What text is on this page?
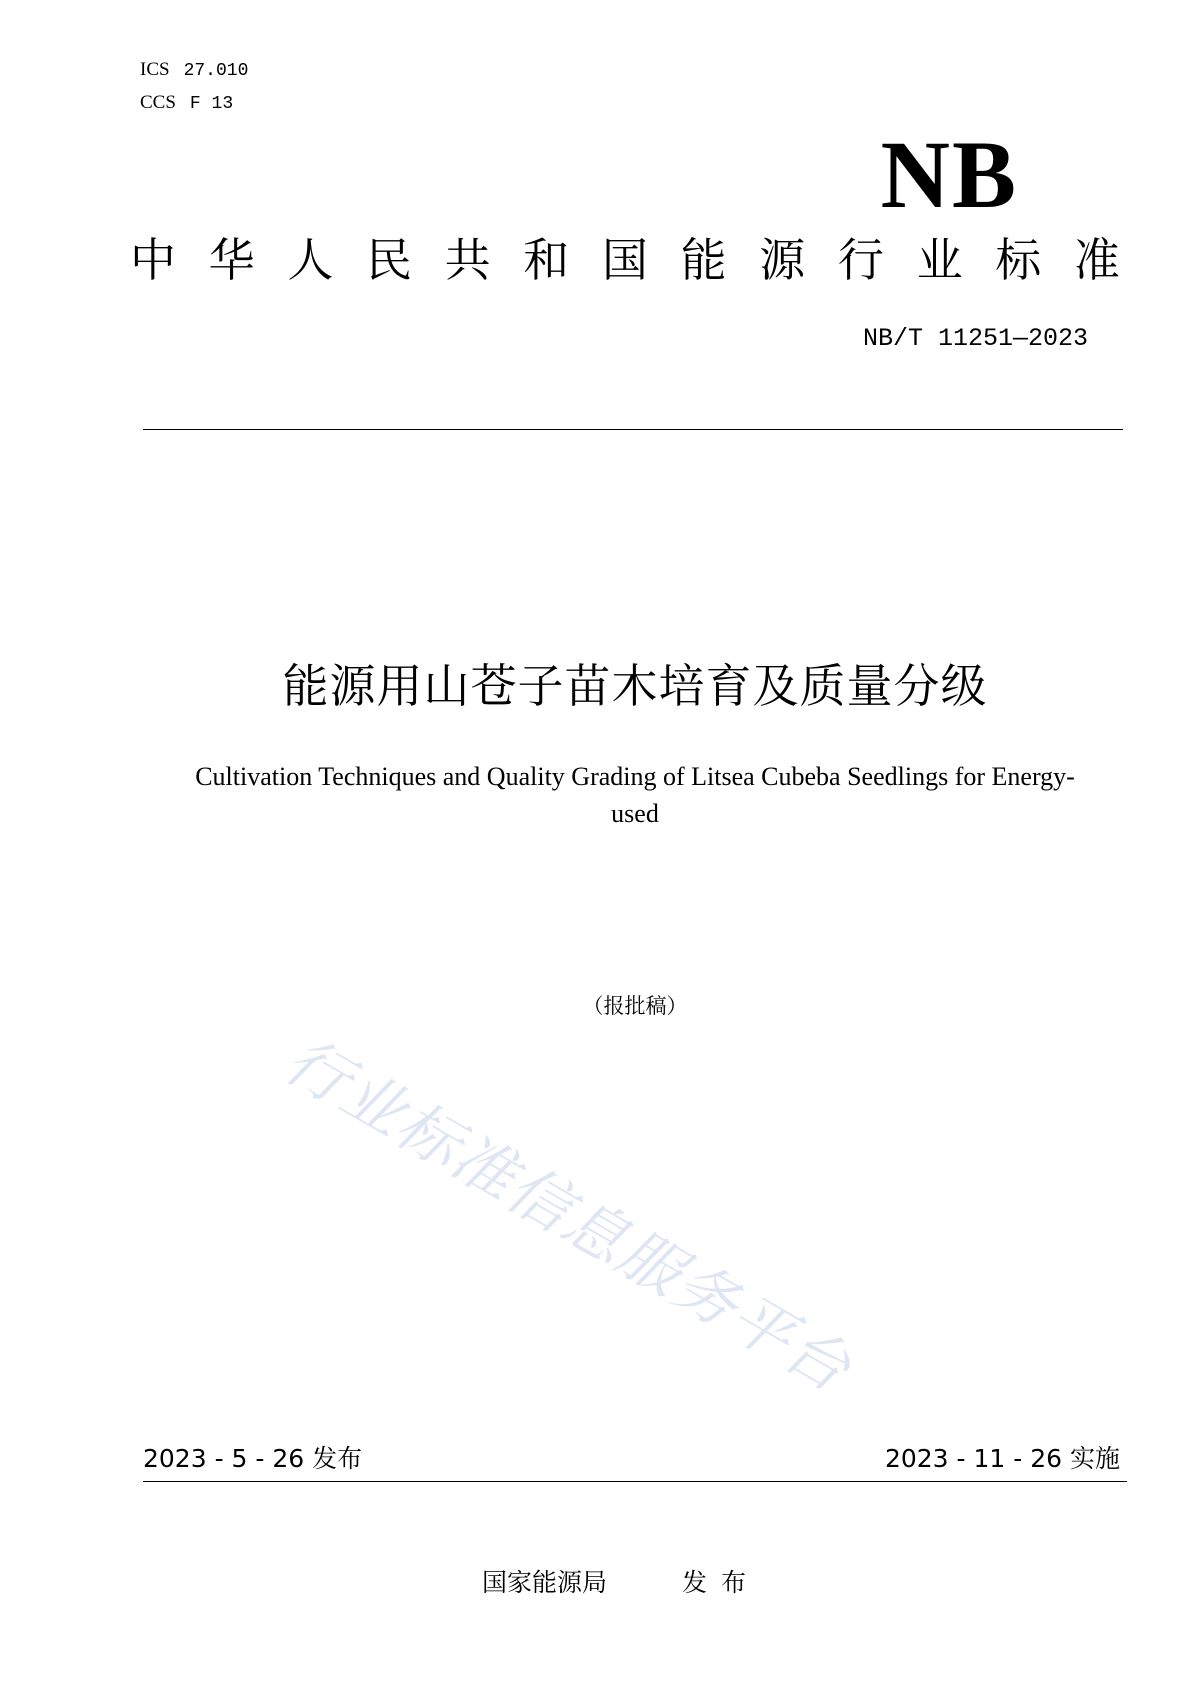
ICS 27.010
CCS F 13
NB
中 华 人 民 共 和 国 能 源 行 业 标 准
NB/T 11251—2023
能源用山苍子苗木培育及质量分级
Cultivation Techniques and Quality Grading of Litsea Cubeba Seedlings for Energy-used
（报批稿）
行业标准信息服务平台
2023 - 5 - 26 发布	2023 - 11 - 26 实施
国家能源局	发布
